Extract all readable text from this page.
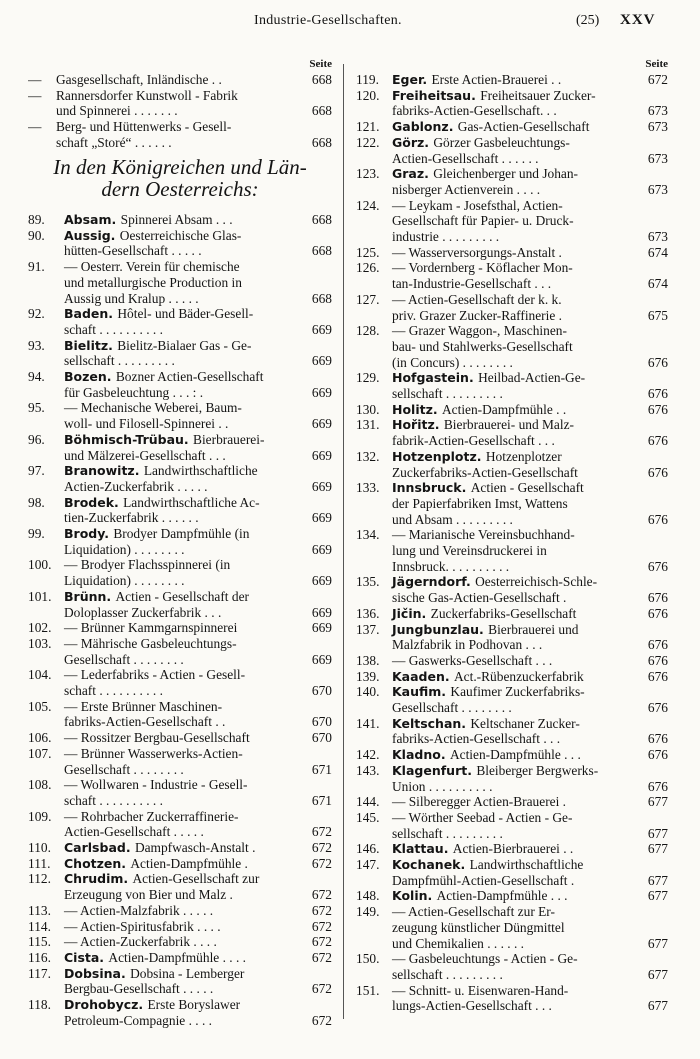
Industrie-Gesellschaften.	(25) XXV
Seite
— Gasgesellschaft, Inländische . .	668
— Rannersdorfer Kunstwoll - Fabrik
und Spinnerei . . . . . . .	668
— Berg- und Hüttenwerks - Gesell-
schaft „Storé“ . . . . . .	668
In den Königreichen und Län-
dern Oesterreichs:
89. Absam. Spinnerei Absam . . .	668
90. Aussig. Oesterreichische Glas-
hütten-Gesellschaft . . . . .	668
91. — Oesterr. Verein für chemische
und metallurgische Production in
Aussig und Kralup . . . . .	668
92. Baden. Hôtel- und Bäder-Gesell-
schaft . . . . . . . . . .	669
93. Bielitz. Bielitz-Bialaer Gas - Ge-
sellschaft . . . . . . . . .	669
94. Bozen. Bozner Actien-Gesellschaft
für Gasbeleuchtung . . . : .	669
95. — Mechanische Weberei, Baum-
woll- und Filosell-Spinnerei . .	669
96. Böhmisch-Trübau. Bierbrauerei-
und Mälzerei-Gesellschaft . . .	669
97. Branowitz. Landwirthschaftliche
Actien-Zuckerfabrik . . . . .	669
98. Brodek. Landwirthschaftliche Ac-
tien-Zuckerfabrik . . . . . .	669
99. Brody. Brodyer Dampfmühle (in
Liquidation) . . . . . . . .	669
100. — Brodyer Flachsspinnerei (in
Liquidation) . . . . . . . .	669
101. Brünn. Actien - Gesellschaft der
Doloplasser Zuckerfabrik . . .	669
102. — Brünner Kammgarnspinnerei	669
103. — Mährische Gasbeleuchtungs-
Gesellschaft . . . . . . . .	669
104. — Lederfabriks - Actien - Gesell-
schaft . . . . . . . . . .	670
105. — Erste Brünner Maschinen-
fabriks-Actien-Gesellschaft . .	670
106. — Rossitzer Bergbau-Gesellschaft	670
107. — Brünner Wasserwerks-Actien-
Gesellschaft . . . . . . . .	671
108. — Wollwaren - Industrie - Gesell-
schaft . . . . . . . . . .	671
109. — Rohrbacher Zuckerraffinerie-
Actien-Gesellschaft . . . . .	672
110. Carlsbad. Dampfwasch-Anstalt .	672
111. Chotzen. Actien-Dampfmühle .	672
112. Chrudim. Actien-Gesellschaft zur
Erzeugung von Bier und Malz .	672
113. — Actien-Malzfabrik . . . . .	672
114. — Actien-Spiritusfabrik . . . .	672
115. — Actien-Zuckerfabrik . . . .	672
116. Cista. Actien-Dampfmühle . . . .	672
117. Dobsina. Dobsina - Lemberger
Bergbau-Gesellschaft . . . . .	672
118. Drohobycz. Erste Boryslawer
Petroleum-Compagnie . . . .	672
Seite
119. Eger. Erste Actien-Brauerei . .	672
120. Freiheitsau. Freiheitsauer Zucker-
fabriks-Actien-Gesellschaft. . .	673
121. Gablonz. Gas-Actien-Gesellschaft	673
122. Görz. Görzer Gasbeleuchtungs-
Actien-Gesellschaft . . . . . .	673
123. Graz. Gleichenberger und Johan-
nisberger Actienverein . . . .	673
124. — Leykam - Josefsthal, Actien-
Gesellschaft für Papier- u. Druck-
industrie . . . . . . . . .	673
125. — Wasserversorgungs-Anstalt .	674
126. — Vordernberg - Köflacher Mon-
tan-Industrie-Gesellschaft . . .	674
127. — Actien-Gesellschaft der k. k.
priv. Grazer Zucker-Raffinerie .	675
128. — Grazer Waggon-, Maschinen-
bau- und Stahlwerks-Gesellschaft
(in Concurs) . . . . . . . .	676
129. Hofgastein. Heilbad-Actien-Ge-
sellschaft . . . . . . . . .	676
130. Holitz. Actien-Dampfmühle . .	676
131. Hořitz. Bierbrauerei- und Malz-
fabrik-Actien-Gesellschaft . . .	676
132. Hotzenplotz. Hotzenplotzer
Zuckerfabriks-Actien-Gesellschaft	676
133. Innsbruck. Actien - Gesellschaft
der Papierfabriken Imst, Wattens
und Absam . . . . . . . . .	676
134. — Marianische Vereinsbuchhand-
lung und Vereinsdruckerei in
Innsbruck. . . . . . . . . .	676
135. Jägerndorf. Oesterreichisch-Schle-
sische Gas-Actien-Gesellschaft .	676
136. Jičin. Zuckerfabriks-Gesellschaft	676
137. Jungbunzlau. Bierbrauerei und
Malzfabrik in Podhovan . . .	676
138. — Gaswerks-Gesellschaft . . .	676
139. Kaaden. Act.-Rübenzuckerfabrik	676
140. Kaufim. Kaufimer Zuckerfabriks-
Gesellschaft . . . . . . . .	676
141. Keltschan. Keltschaner Zucker-
fabriks-Actien-Gesellschaft . . .	676
142. Kladno. Actien-Dampfmühle . . .	676
143. Klagenfurt. Bleiberger Bergwerks-
Union . . . . . . . . . .	676
144. — Silberegger Actien-Brauerei .	677
145. — Wörther Seebad - Actien - Ge-
sellschaft . . . . . . . . .	677
146. Klattau. Actien-Bierbrauerei . .	677
147. Kochanek. Landwirthschaftliche
Dampfmühl-Actien-Gesellschaft .	677
148. Kolin. Actien-Dampfmühle . . .	677
149. — Actien-Gesellschaft zur Er-
zeugung künstlicher Düngmittel
und Chemikalien . . . . . .	677
150. — Gasbeleuchtungs - Actien - Ge-
sellschaft . . . . . . . . .	677
151. — Schnitt- u. Eisenwaren-Hand-
lungs-Actien-Gesellschaft . . .	677
